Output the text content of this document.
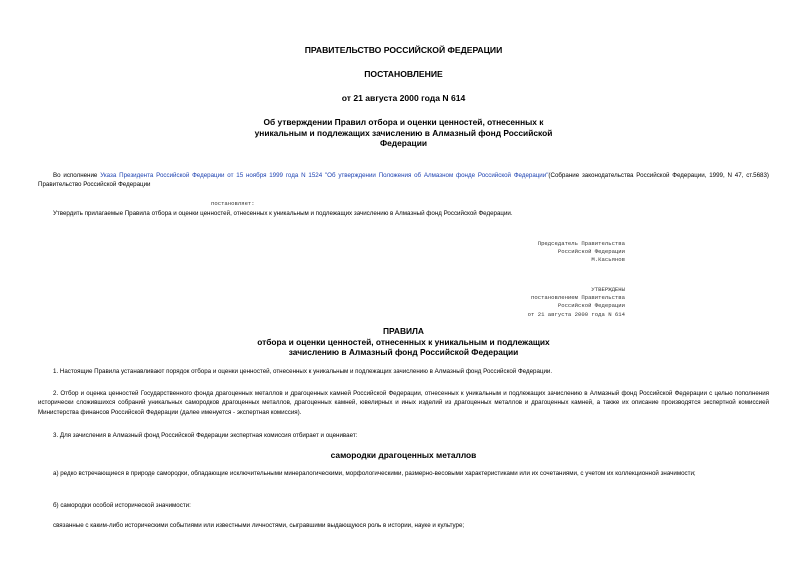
ПРАВИТЕЛЬСТВО РОССИЙСКОЙ ФЕДЕРАЦИИ
ПОСТАНОВЛЕНИЕ
от 21 августа 2000 года N 614
Об утверждении Правил отбора и оценки ценностей, отнесенных к
уникальным и подлежащих зачислению в Алмазный фонд Российской
Федерации
Во исполнение Указа Президента Российской Федерации от 15 ноября 1999 года N 1524 "Об утверждении Положения об Алмазном фонде Российской Федерации"(Собрание законодательства Российской Федерации, 1999, N 47, ст.5683) Правительство Российской Федерации
постановляет:
Утвердить прилагаемые Правила отбора и оценки ценностей, отнесенных к уникальным и подлежащих зачислению в Алмазный фонд Российской Федерации.
Председатель Правительства
Российской Федерации
М.Касьянов
УТВЕРЖДЕНЫ
постановлением Правительства
Российской Федерации
от 21 августа 2000 года N 614
ПРАВИЛА
отбора и оценки ценностей, отнесенных к уникальным и подлежащих
зачислению в Алмазный фонд Российской Федерации
1. Настоящие Правила устанавливают порядок отбора и оценки ценностей, отнесенных к уникальным и подлежащих зачислению в Алмазный фонд Российской Федерации.
2. Отбор и оценка ценностей Государственного фонда драгоценных металлов и драгоценных камней Российской Федерации, отнесенных к уникальным и подлежащих зачислению в Алмазный фонд Российской Федерации с целью пополнения исторически сложившихся собраний уникальных самородков драгоценных металлов, драгоценных камней, ювелирных и иных изделий из драгоценных металлов и драгоценных камней, а также их описание производятся экспертной комиссией Министерства финансов Российской Федерации (далее именуется - экспертная комиссия).
3. Для зачисления в Алмазный фонд Российской Федерации экспертная комиссия отбирает и оценивает:
самородки драгоценных металлов
а) редко встречающиеся в природе самородки, обладающие исключительными минералогическими, морфологическими, размерно-весовыми характеристиками или их сочетаниями, с учетом их коллекционной значимости;
б) самородки особой исторической значимости:
связанные с каким-либо историческими событиями или известными личностями, сыгравшими выдающуюся роль в истории, науке и культуре;
